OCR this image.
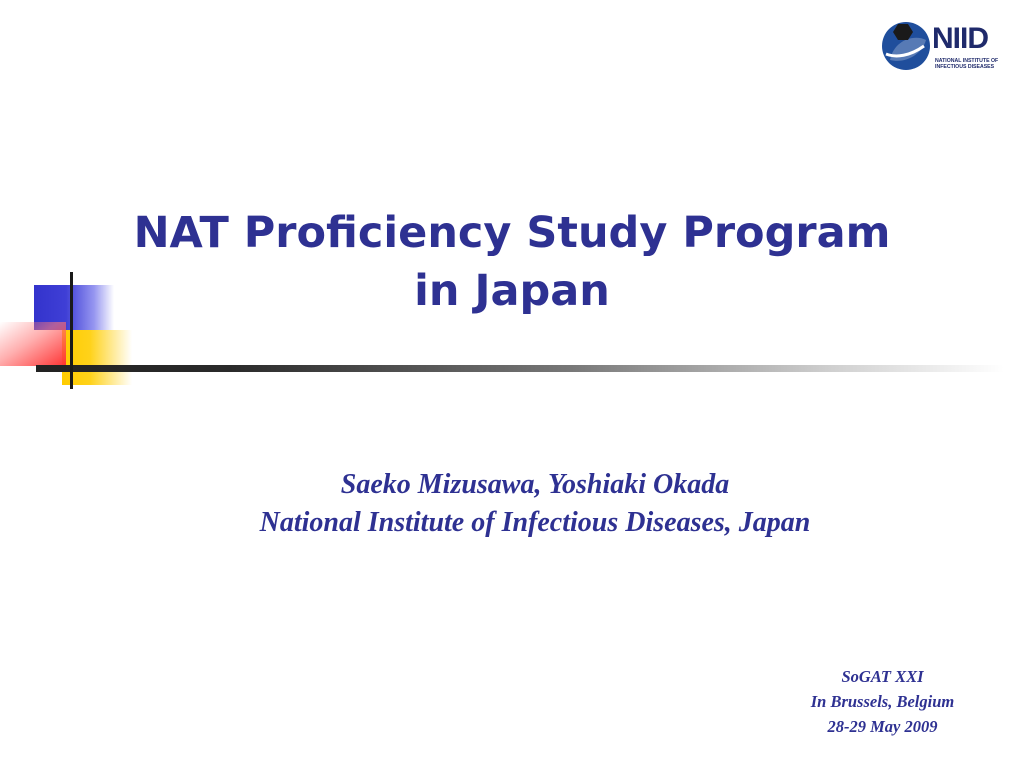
NIID
NATIONAL INSTITUTE OF INFECTIOUS DISEASES
NAT Proficiency Study Program
in Japan
Saeko Mizusawa, Yoshiaki Okada
National Institute of Infectious Diseases, Japan
SoGAT XXI
In Brussels, Belgium
28-29 May 2009
